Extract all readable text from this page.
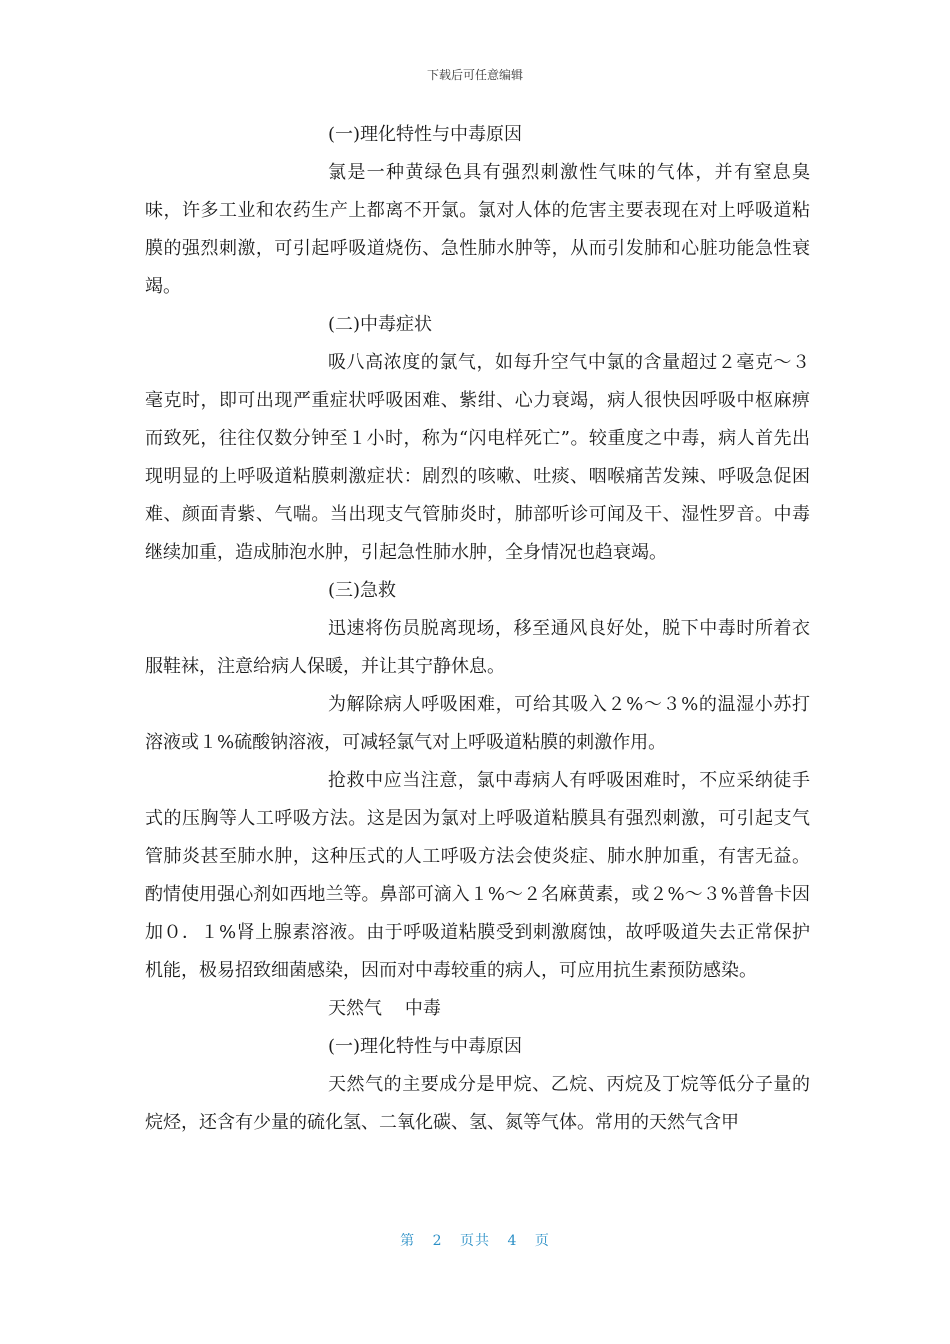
下载后可任意编辑

(一)理化特性与中毒原因

氯是一种黄绿色具有强烈刺激性气味的气体，并有窒息臭味，许多工业和农药生产上都离不开氯。氯对人体的危害主要表现在对上呼吸道粘膜的强烈刺激，可引起呼吸道烧伤、急性肺水肿等，从而引发肺和心脏功能急性衰竭。

(二)中毒症状

吸八高浓度的氯气，如每升空气中氯的含量超过２毫克～３毫克时，即可出现严重症状呼吸困难、紫绀、心力衰竭，病人很快因呼吸中枢麻痹而致死，往往仅数分钟至１小时，称为“闪电样死亡”。较重度之中毒，病人首先出现明显的上呼吸道粘膜刺激症状：剧烈的咳嗽、吐痰、咽喉痛苦发辣、呼吸急促困难、颜面青紫、气喘。当出现支气管肺炎时，肺部听诊可闻及干、湿性罗音。中毒继续加重，造成肺泡水肿，引起急性肺水肿，全身情况也趋衰竭。

(三)急救

迅速将伤员脱离现场，移至通风良好处，脱下中毒时所着衣服鞋袜，注意给病人保暖，并让其宁静休息。

为解除病人呼吸困难，可给其吸入２%～３%的温湿小苏打溶液或１%硫酸钠溶液，可减轻氯气对上呼吸道粘膜的刺激作用。

抢救中应当注意，氯中毒病人有呼吸困难时，不应采纳徒手式的压胸等人工呼吸方法。这是因为氯对上呼吸道粘膜具有强烈刺激，可引起支气管肺炎甚至肺水肿，这种压式的人工呼吸方法会使炎症、肺水肿加重，有害无益。酌情使用强心剂如西地兰等。鼻部可滴入１%～２名麻黄素，或２%～３%普鲁卡因加０．１%肾上腺素溶液。由于呼吸道粘膜受到刺激腐蚀，故呼吸道失去正常保护机能，极易招致细菌感染，因而对中毒较重的病人，可应用抗生素预防感染。

天然气    中毒

(一)理化特性与中毒原因

天然气的主要成分是甲烷、乙烷、丙烷及丁烷等低分子量的烷烃，还含有少量的硫化氢、二氧化碳、氢、氮等气体。常用的天然气含甲

第 2 页共 4 页
